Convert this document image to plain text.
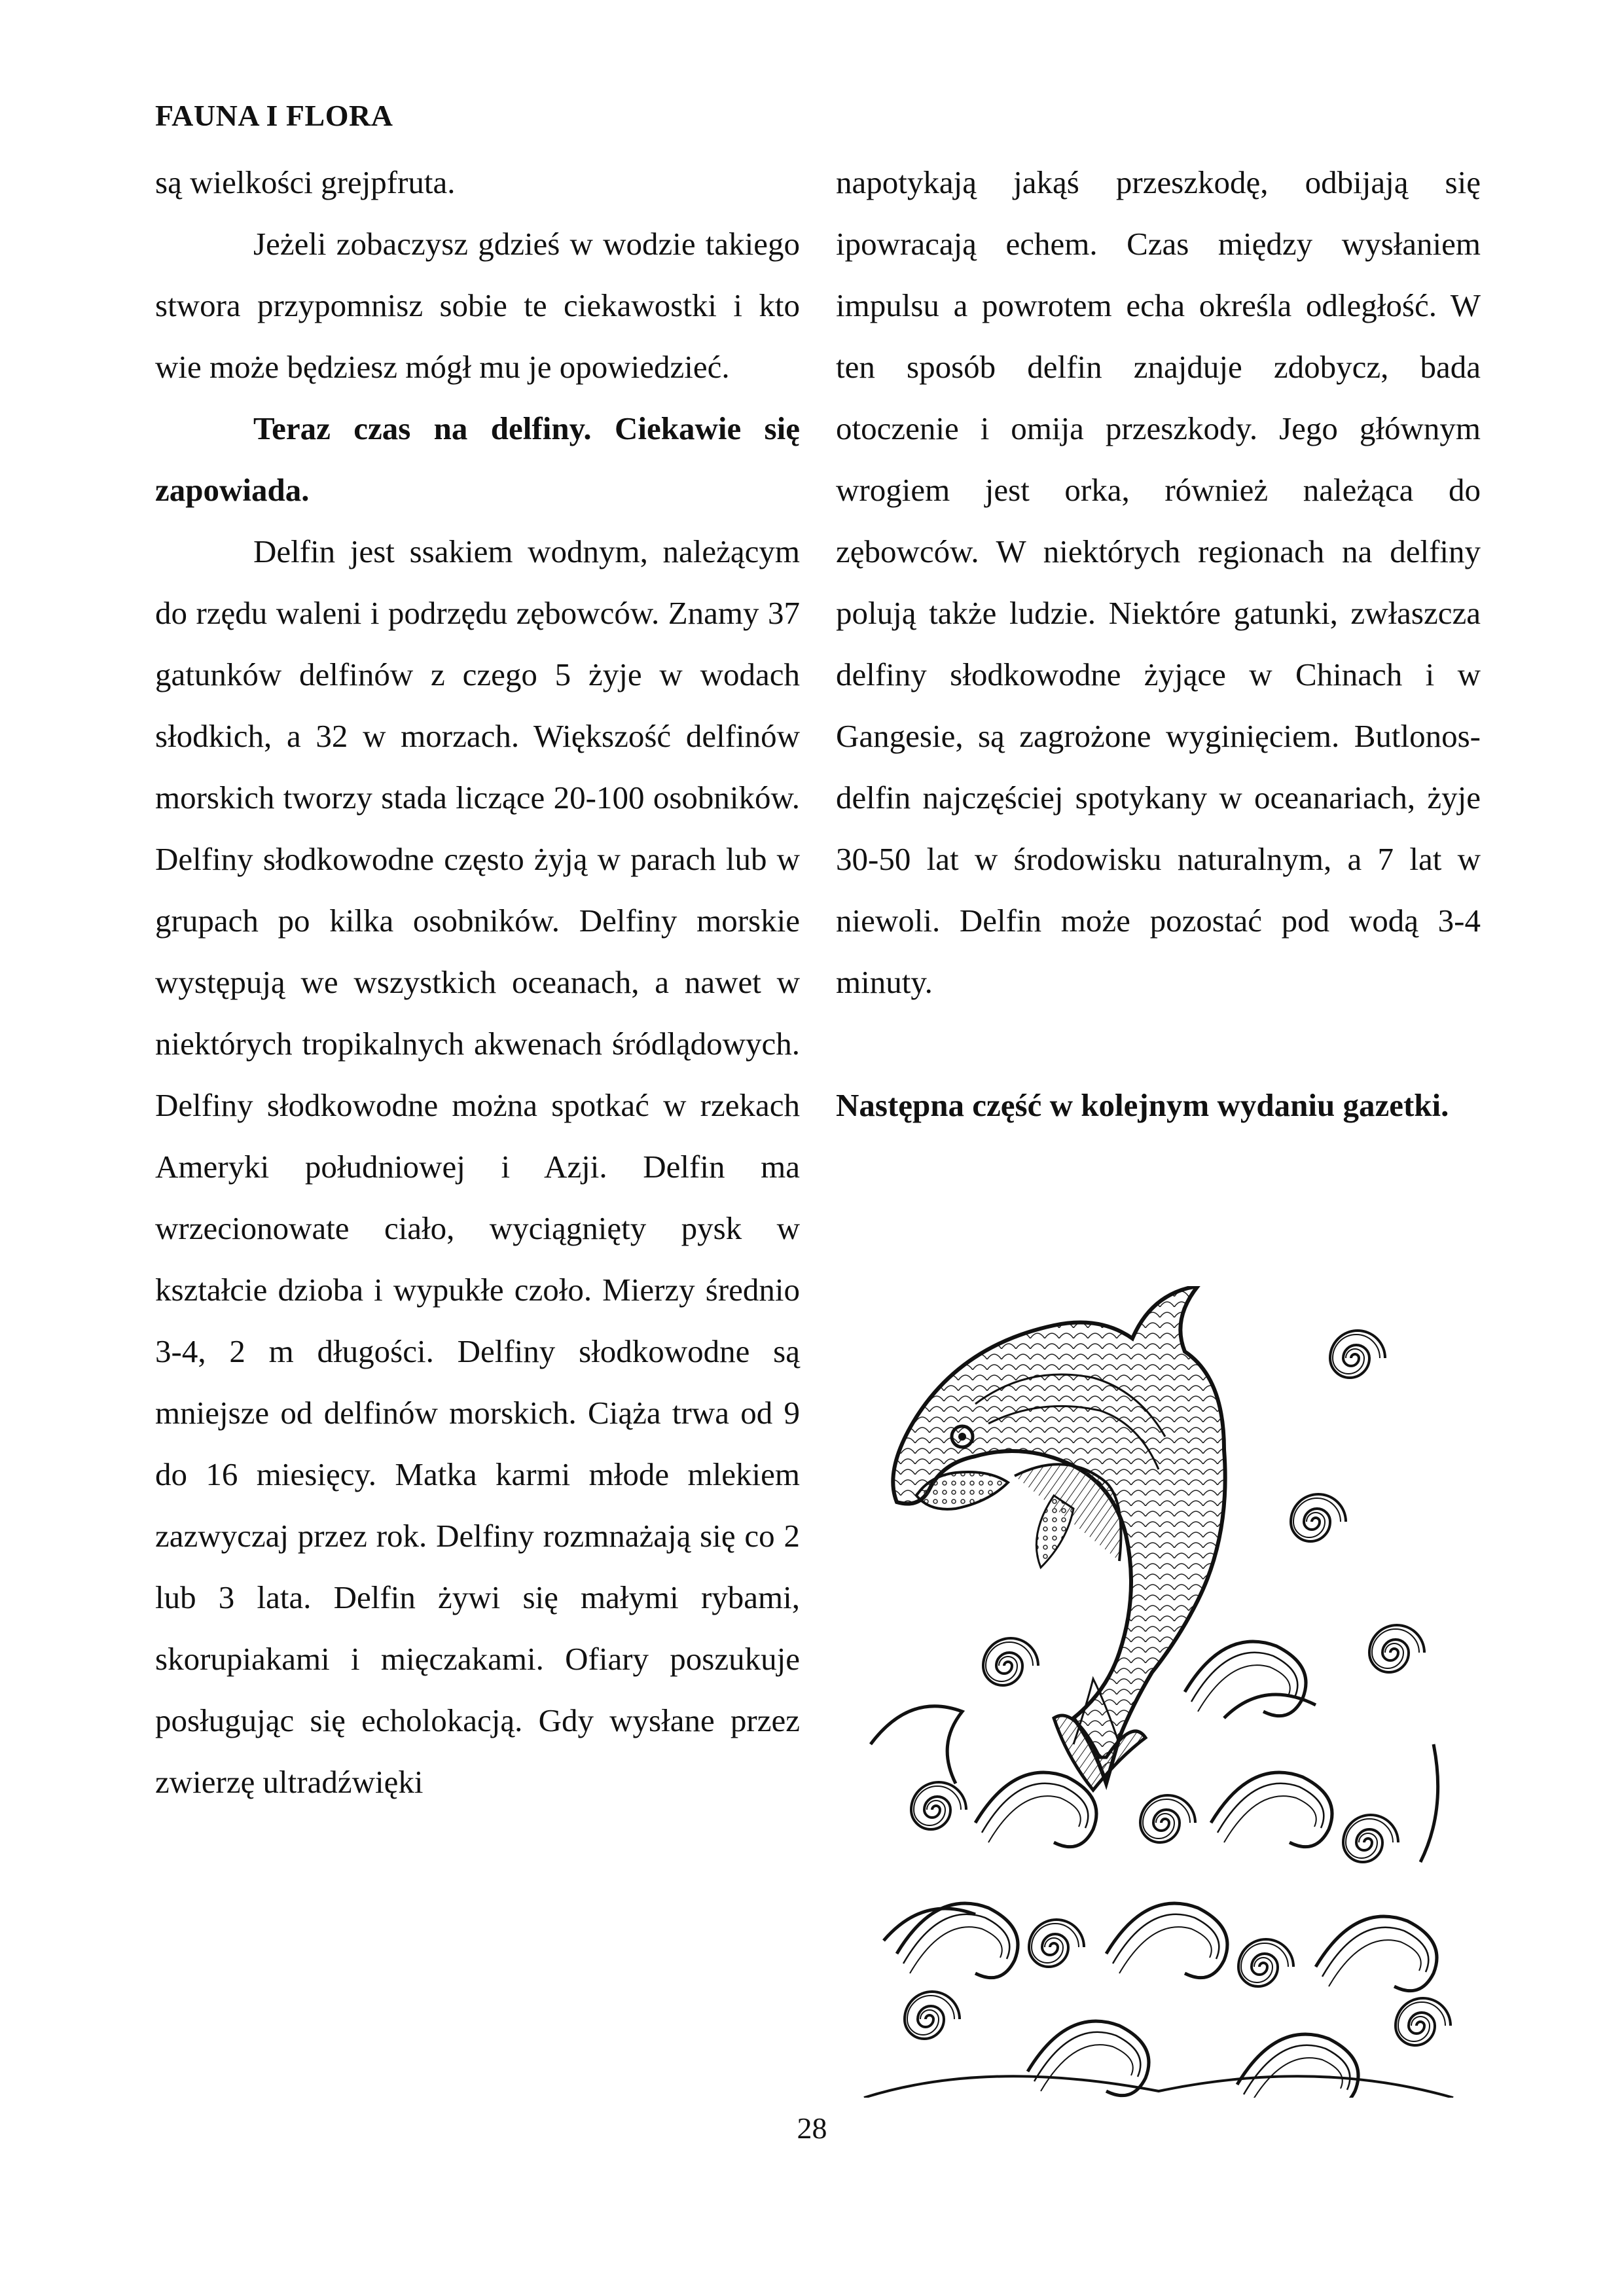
FAUNA I FLORA

są wielkości grejpfruta.

Jeżeli zobaczysz gdzieś w wodzie takiego stwora przypomnisz sobie te ciekawostki i kto wie może będziesz mógł mu je opowiedzieć.

Teraz czas na delfiny. Ciekawie się zapowiada.

Delfin jest ssakiem wodnym, należącym do rzędu waleni i podrzędu zębowców. Znamy 37 gatunków delfinów z czego 5 żyje w wodach słodkich, a 32 w morzach. Większość delfinów morskich tworzy stada liczące 20-100 osobników. Delfiny słodkowodne często żyją w parach lub w grupach po kilka osobników. Delfiny morskie występują we wszystkich oceanach, a nawet w niektórych tropikalnych akwenach śródlądowych. Delfiny słodkowodne można spotkać w rzekach Ameryki południowej i Azji. Delfin ma wrzecionowate ciało, wyciągnięty pysk w kształcie dzioba i wypukłe czoło. Mierzy średnio 3-4, 2 m długości. Delfiny słodkowodne są mniejsze od delfinów morskich. Ciąża trwa od 9 do 16 miesięcy. Matka karmi młode mlekiem zazwyczaj przez rok. Delfiny rozmnażają się co 2 lub 3 lata. Delfin żywi się małymi rybami, skorupiakami i mięczakami. Ofiary poszukuje posługując się echolokacją. Gdy wysłane przez zwierzę ultradźwięki

napotykają jakąś przeszkodę, odbijają się ipowracają echem. Czas między wysłaniem impulsu a powrotem echa określa odległość. W ten sposób delfin znajduje zdobycz, bada otoczenie i omija przeszkody. Jego głównym wrogiem jest orka, również należąca do zębowców. W niektórych regionach na delfiny polują także ludzie. Niektóre gatunki, zwłaszcza delfiny słodkowodne żyjące w Chinach i w Gangesie, są zagrożone wyginięciem. Butlonos- delfin najczęściej spotykany w oceanariach, żyje 30-50 lat w środowisku naturalnym, a 7 lat w niewoli. Delfin może pozostać pod wodą 3-4 minuty.

Następna część w kolejnym wydaniu gazetki.

28
